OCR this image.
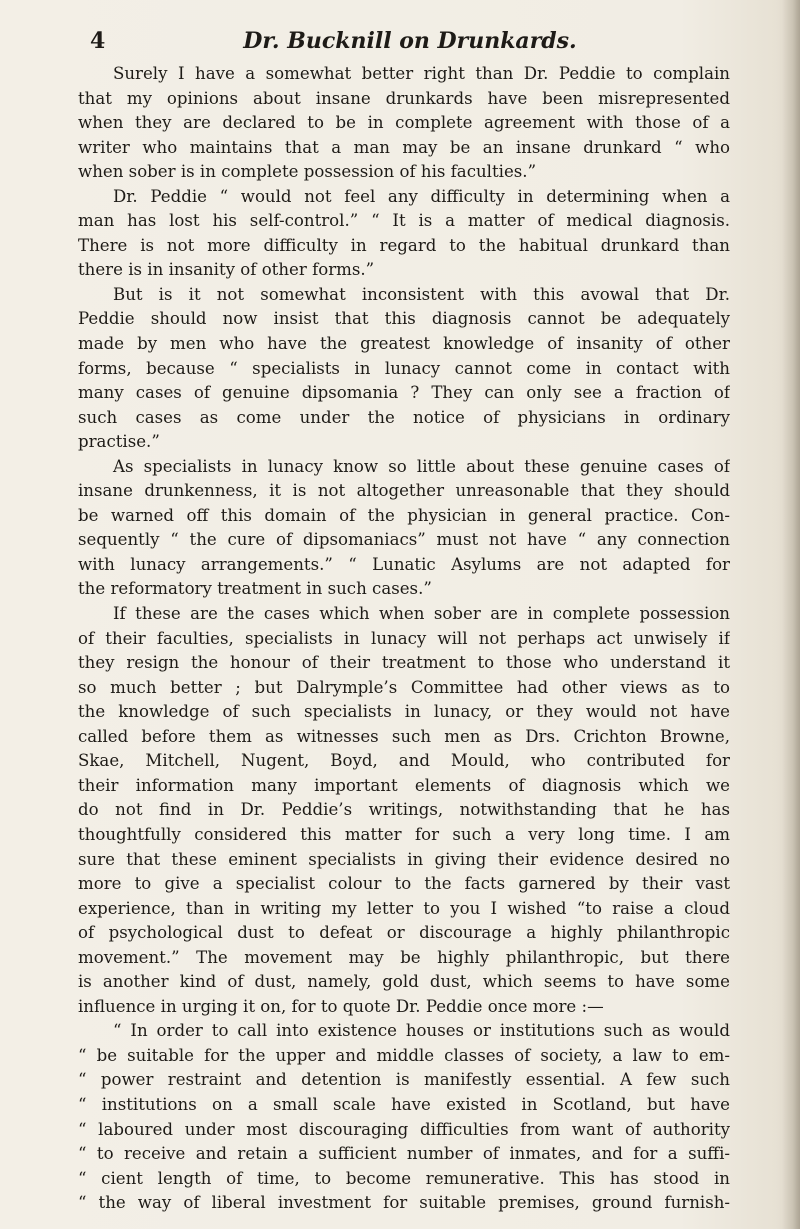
4	Dr. Bucknill on Drunkards.

Surely I have a somewhat better right than Dr. Peddie to complain

that my opinions about insane drunkards have been misrepresented

when they are declared to be in complete agreement with those of a

writer who maintains that a man may be an insane drunkard “ who

when sober is in complete possession of his faculties.”

Dr. Peddie “ would not feel any difficulty in determining when a

man has lost his self-control.” “ It is a matter of medical diagnosis.

There is not more difficulty in regard to the habitual drunkard than

there is in insanity of other forms.”

But is it not somewhat inconsistent with this avowal that Dr.

Peddie should now insist that this diagnosis cannot be adequately

made by men who have the greatest knowledge of insanity of other

forms, because “ specialists in lunacy cannot come in contact with

many cases of genuine dipsomania ? They can only see a fraction of

such cases as come under the notice of physicians in ordinary

practise.”

As specialists in lunacy know so little about these genuine cases of

insane drunkenness, it is not altogether unreasonable that they should

be warned off this domain of the physician in general practice. Con-

sequently “ the cure of dipsomaniacs” must not have “ any connection

with lunacy arrangements.” “ Lunatic Asylums are not adapted for

the reformatory treatment in such cases.”

If these are the cases which when sober are in complete possession

of their faculties, specialists in lunacy will not perhaps act unwisely if

they resign the honour of their treatment to those who understand it

so much better ; but Dalrymple’s Committee had other views as to

the knowledge of such specialists in lunacy, or they would not have

called before them as witnesses such men as Drs. Crichton Browne,

Skae, Mitchell, Nugent, Boyd, and Mould, who contributed for

their information many important elements of diagnosis which we

do not find in Dr. Peddie’s writings, notwithstanding that he has

thoughtfully considered this matter for such a very long time. I am

sure that these eminent specialists in giving their evidence desired no

more to give a specialist colour to the facts garnered by their vast

experience, than in writing my letter to you I wished “to raise a cloud

of psychological dust to defeat or discourage a highly philanthropic

movement.” The movement may be highly philanthropic, but there

is another kind of dust, namely, gold dust, which seems to have some

influence in urging it on, for to quote Dr. Peddie once more :—

“ In order to call into existence houses or institutions such as would

“ be suitable for the upper and middle classes of society, a law to em-

“ power restraint and detention is manifestly essential. A few such

“ institutions on a small scale have existed in Scotland, but have

“ laboured under most discouraging difficulties from want of authority

“ to receive and retain a sufficient number of inmates, and for a suffi-

“ cient length of time, to become remunerative. This has stood in

“ the way of liberal investment for suitable premises, ground furnish-
